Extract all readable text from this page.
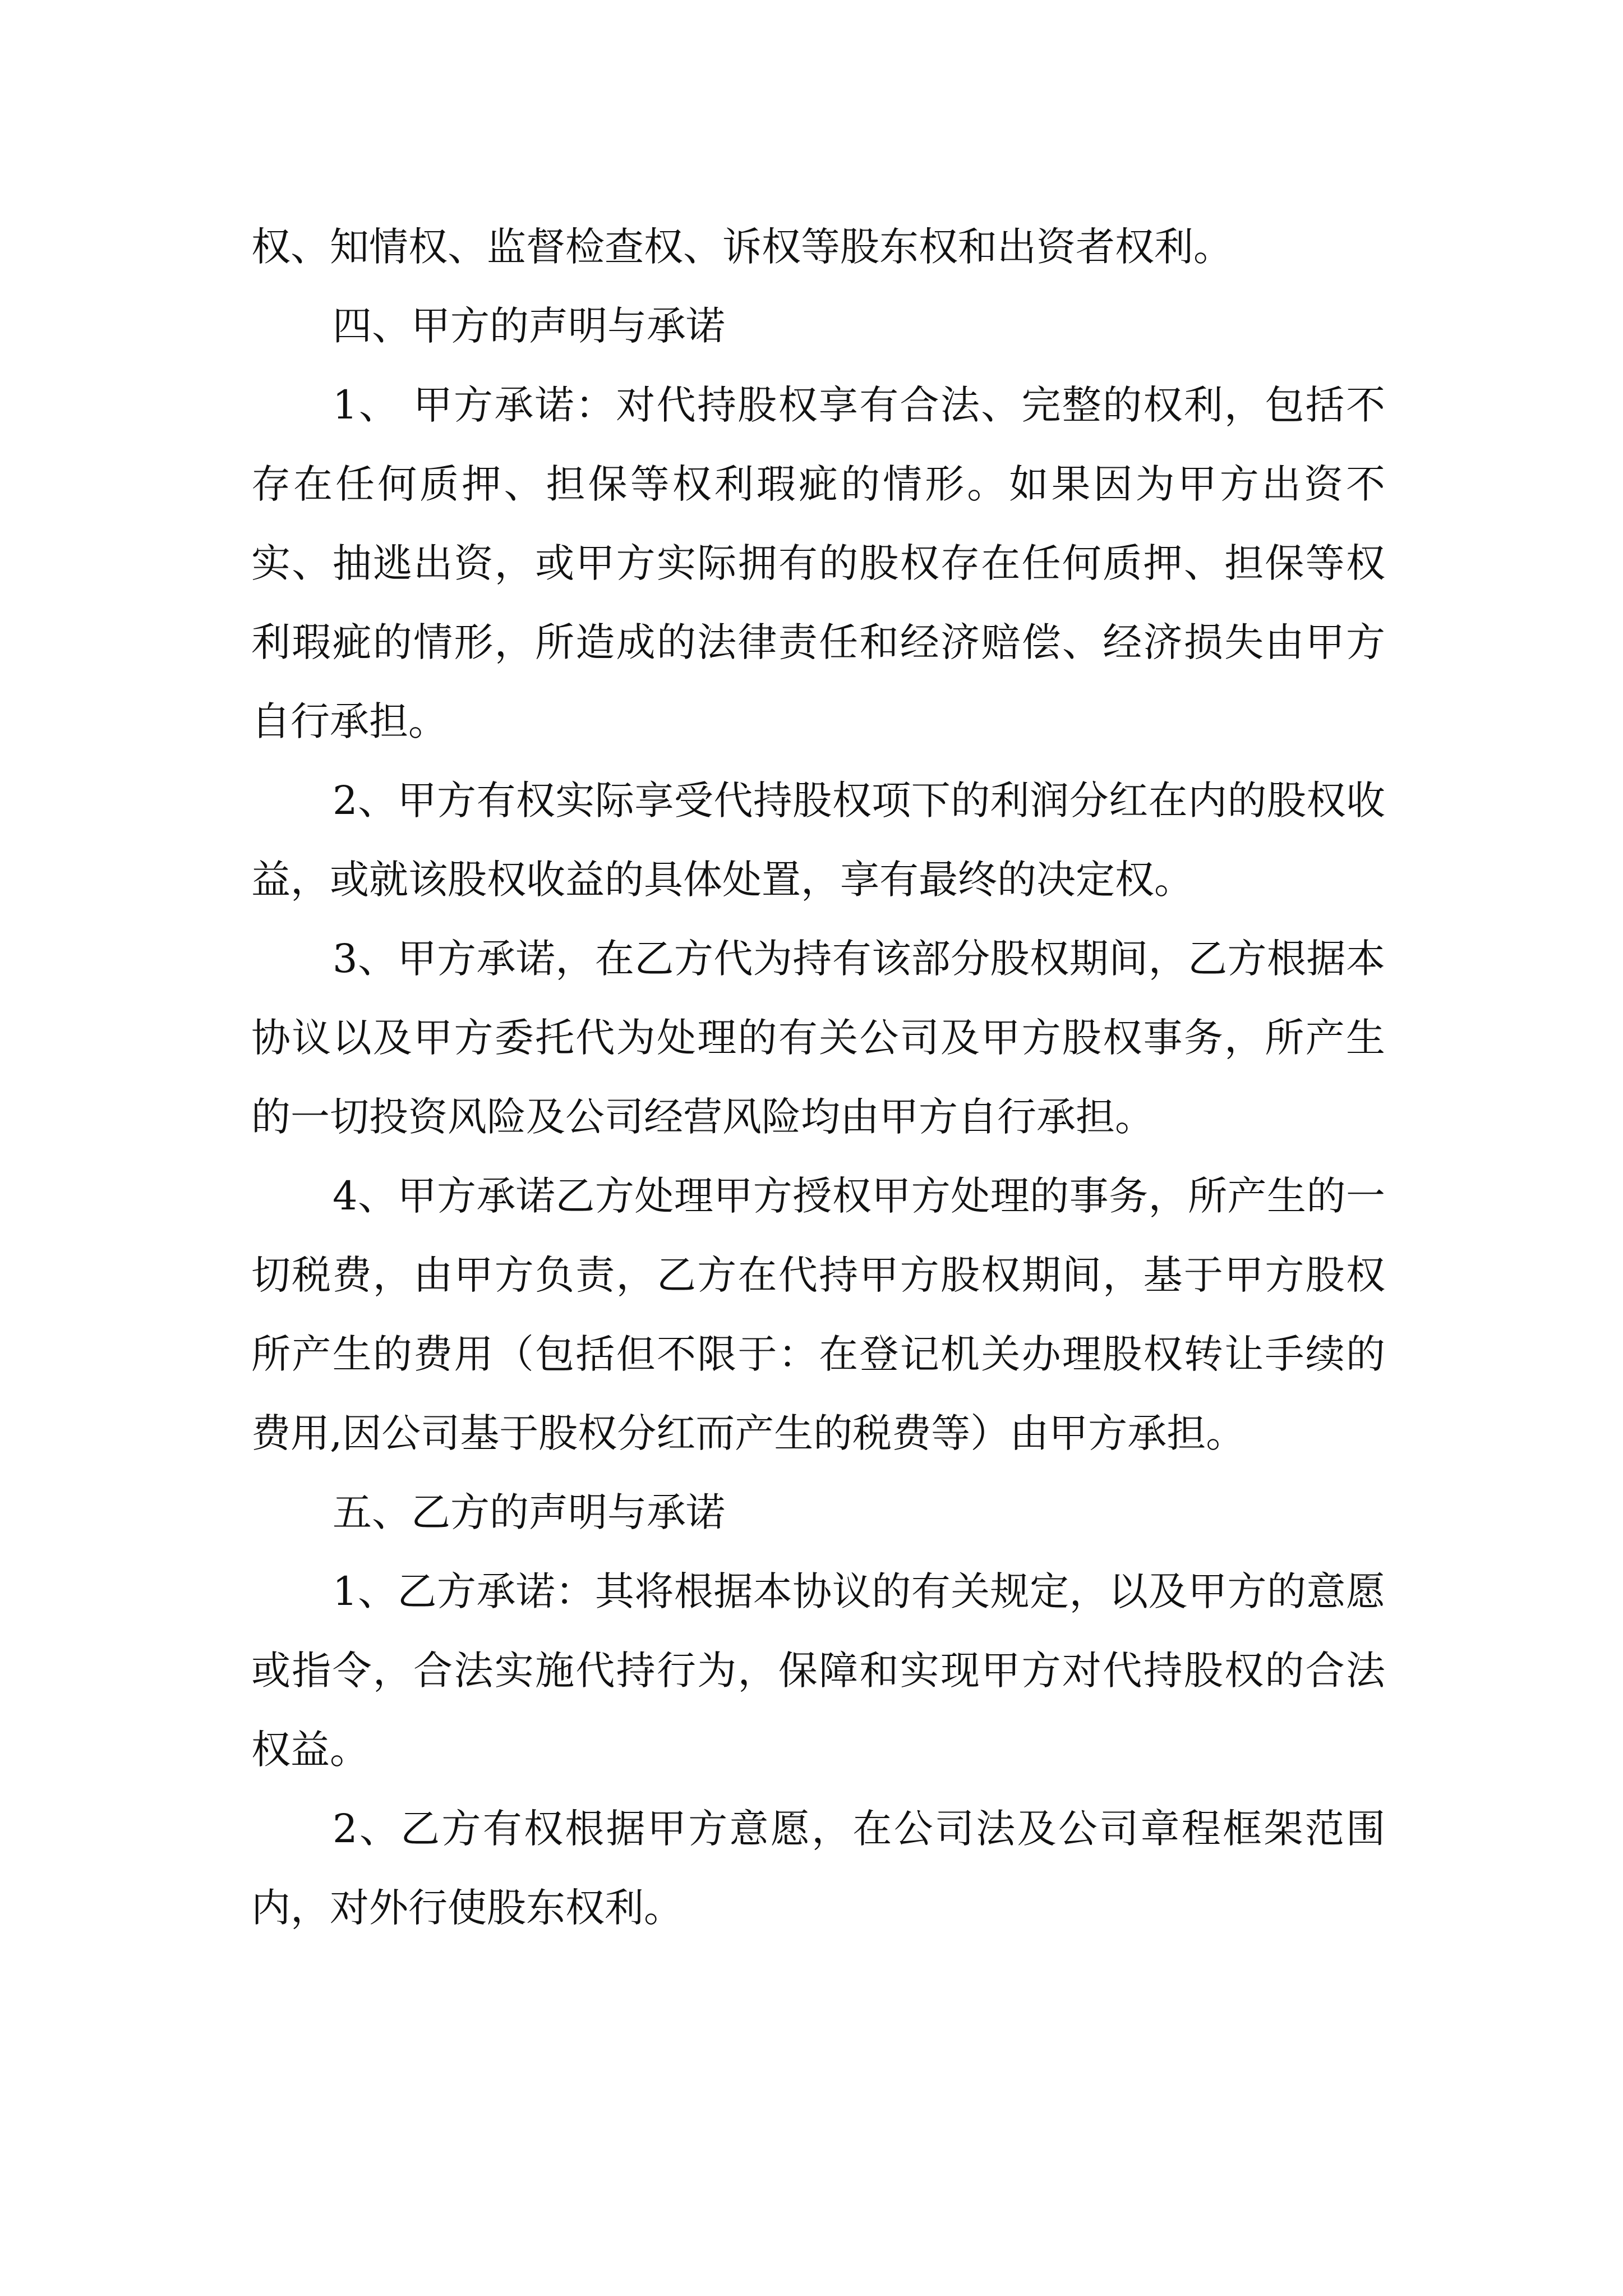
权、知情权、监督检查权、诉权等股东权和出资者权利。

四、甲方的声明与承诺

1、 甲方承诺：对代持股权享有合法、完整的权利，包括不存在任何质押、担保等权利瑕疵的情形。如果因为甲方出资不实、抽逃出资，或甲方实际拥有的股权存在任何质押、担保等权利瑕疵的情形，所造成的法律责任和经济赔偿、经济损失由甲方自行承担。

2、甲方有权实际享受代持股权项下的利润分红在内的股权收益，或就该股权收益的具体处置，享有最终的决定权。

3、甲方承诺，在乙方代为持有该部分股权期间，乙方根据本协议以及甲方委托代为处理的有关公司及甲方股权事务，所产生的一切投资风险及公司经营风险均由甲方自行承担。

4、甲方承诺乙方处理甲方授权甲方处理的事务，所产生的一切税费，由甲方负责，乙方在代持甲方股权期间，基于甲方股权所产生的费用（包括但不限于：在登记机关办理股权转让手续的费用,因公司基于股权分红而产生的税费等）由甲方承担。

五、乙方的声明与承诺

1、乙方承诺：其将根据本协议的有关规定，以及甲方的意愿或指令，合法实施代持行为，保障和实现甲方对代持股权的合法权益。

2、乙方有权根据甲方意愿，在公司法及公司章程框架范围内，对外行使股东权利。
